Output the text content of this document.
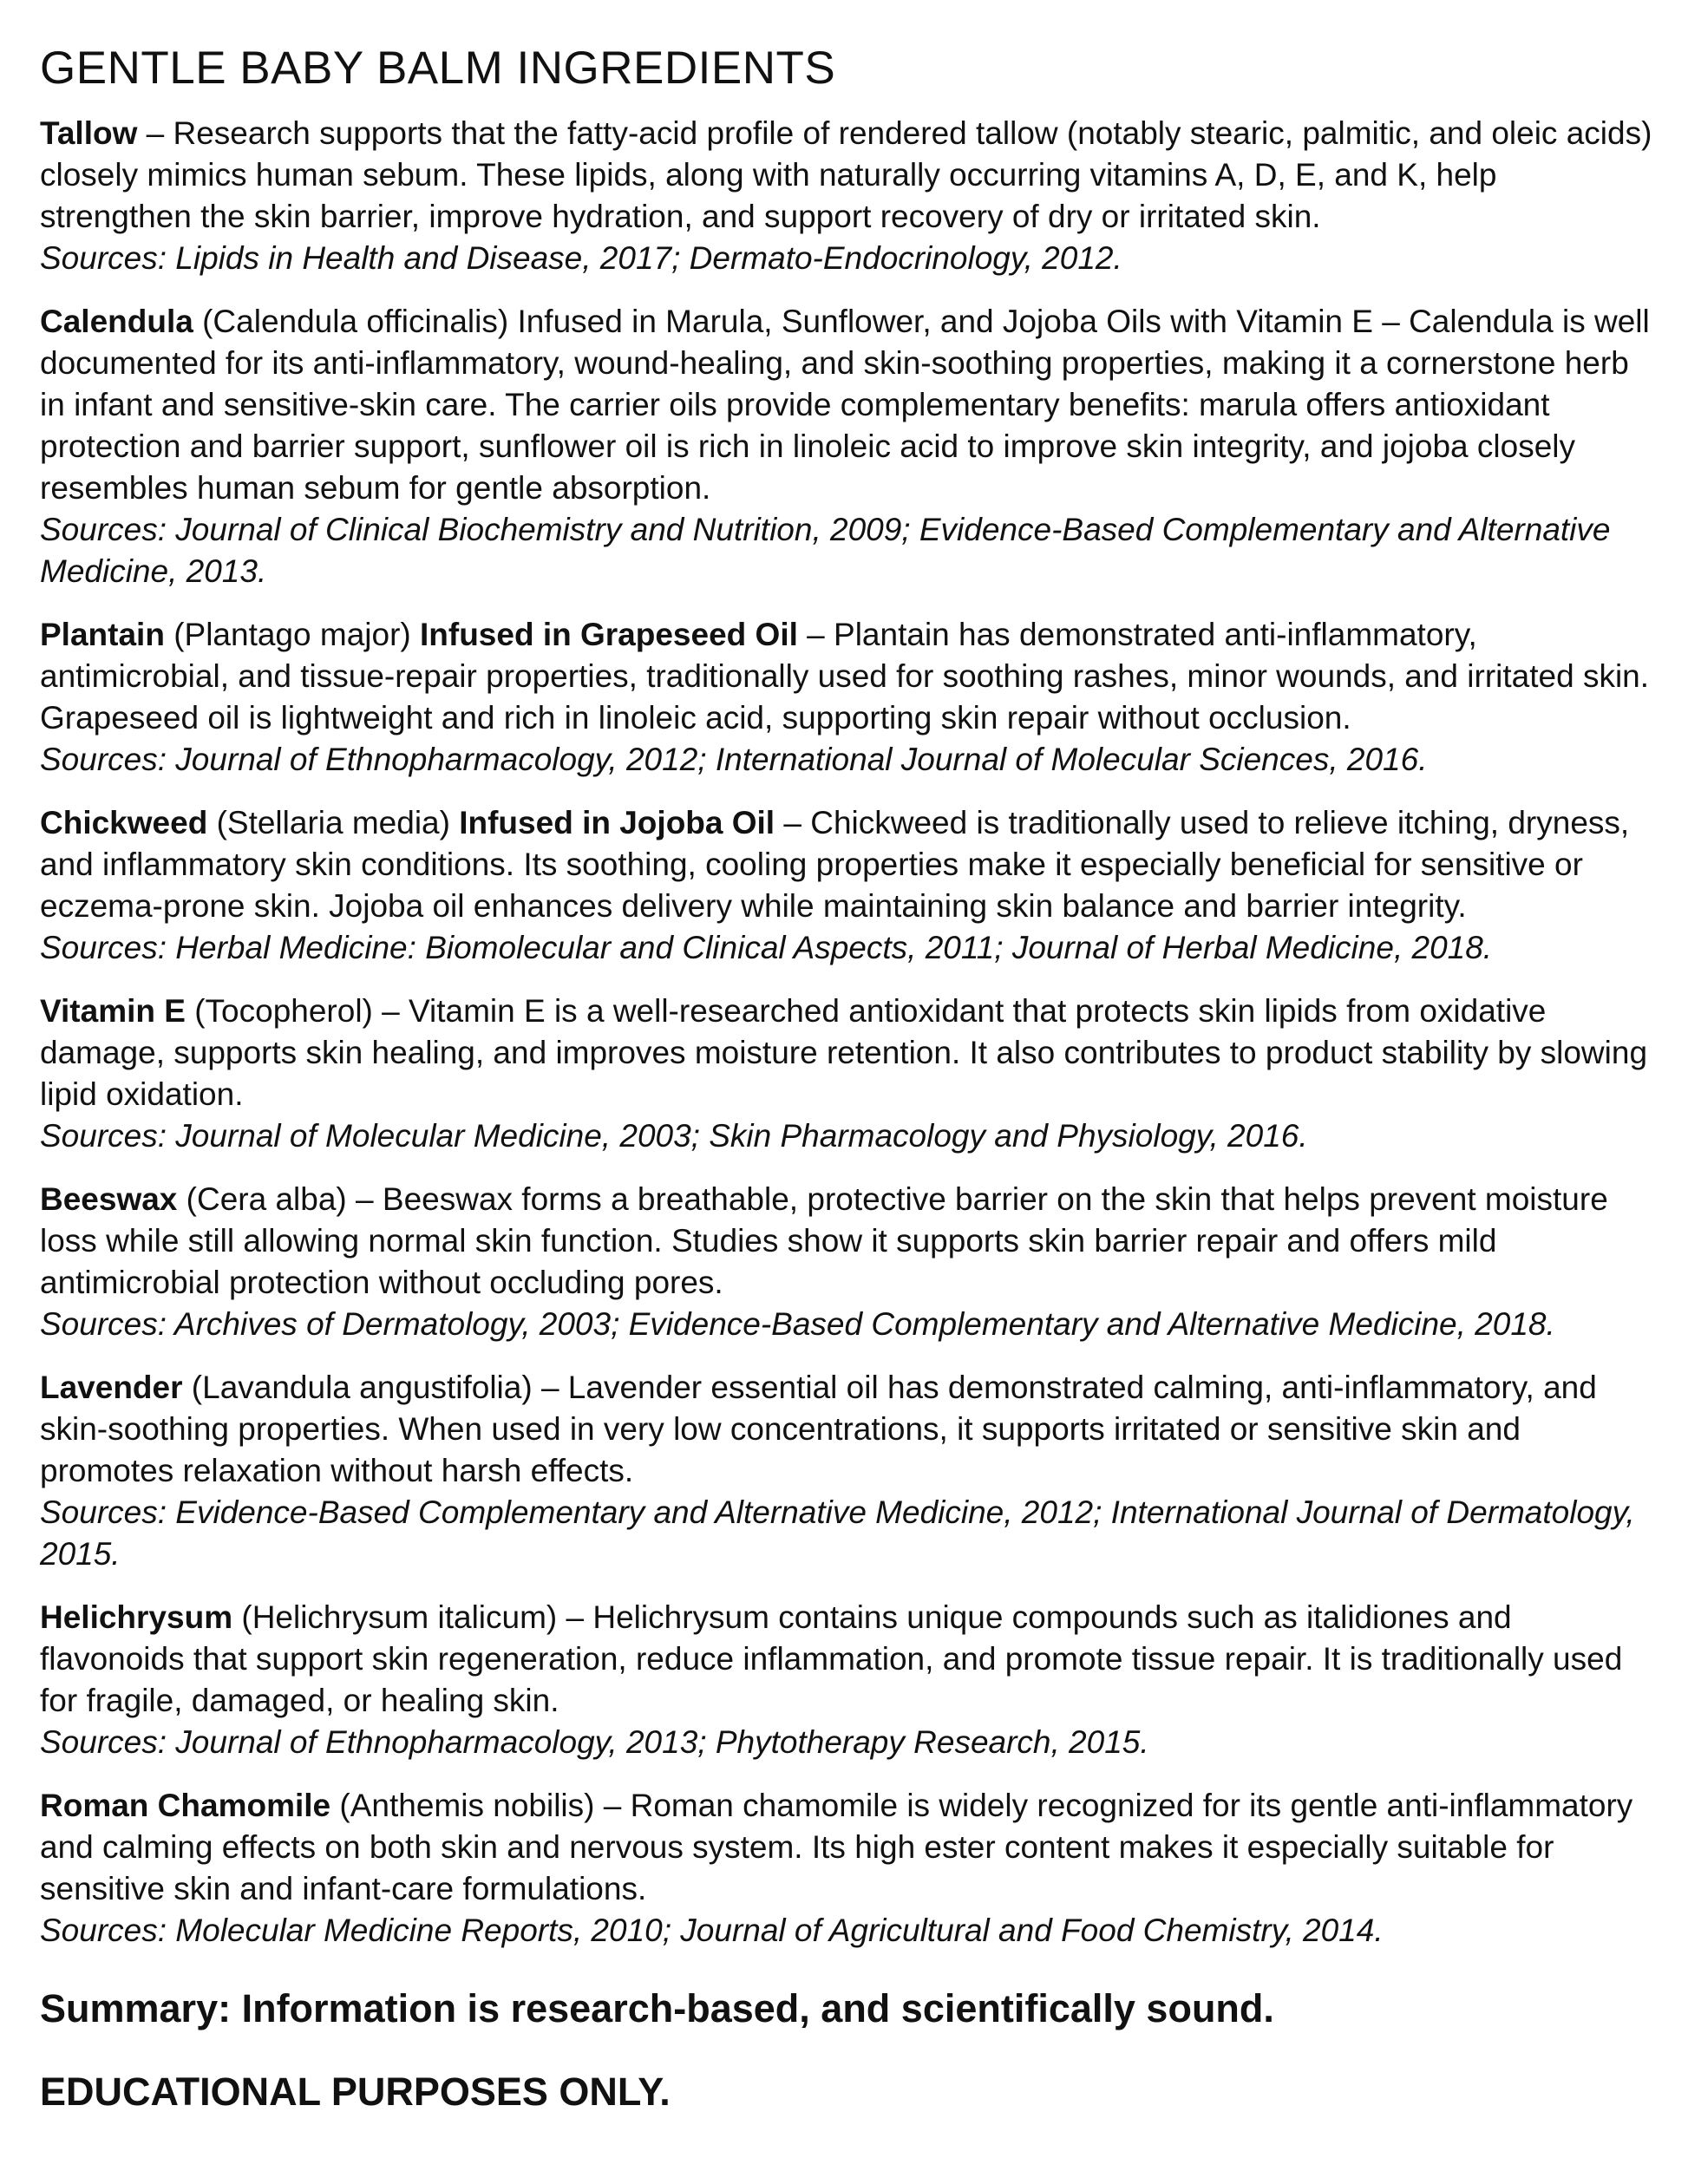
GENTLE BABY BALM INGREDIENTS
Tallow – Research supports that the fatty-acid profile of rendered tallow (notably stearic, palmitic, and oleic acids) closely mimics human sebum. These lipids, along with naturally occurring vitamins A, D, E, and K, help strengthen the skin barrier, improve hydration, and support recovery of dry or irritated skin.
Sources: Lipids in Health and Disease, 2017; Dermato-Endocrinology, 2012.
Calendula (Calendula officinalis) Infused in Marula, Sunflower, and Jojoba Oils with Vitamin E – Calendula is well documented for its anti-inflammatory, wound-healing, and skin-soothing properties, making it a cornerstone herb in infant and sensitive-skin care. The carrier oils provide complementary benefits: marula offers antioxidant protection and barrier support, sunflower oil is rich in linoleic acid to improve skin integrity, and jojoba closely resembles human sebum for gentle absorption.
Sources: Journal of Clinical Biochemistry and Nutrition, 2009; Evidence-Based Complementary and Alternative Medicine, 2013.
Plantain (Plantago major) Infused in Grapeseed Oil – Plantain has demonstrated anti-inflammatory, antimicrobial, and tissue-repair properties, traditionally used for soothing rashes, minor wounds, and irritated skin. Grapeseed oil is lightweight and rich in linoleic acid, supporting skin repair without occlusion.
Sources: Journal of Ethnopharmacology, 2012; International Journal of Molecular Sciences, 2016.
Chickweed (Stellaria media) Infused in Jojoba Oil – Chickweed is traditionally used to relieve itching, dryness, and inflammatory skin conditions. Its soothing, cooling properties make it especially beneficial for sensitive or eczema-prone skin. Jojoba oil enhances delivery while maintaining skin balance and barrier integrity.
Sources: Herbal Medicine: Biomolecular and Clinical Aspects, 2011; Journal of Herbal Medicine, 2018.
Vitamin E (Tocopherol) – Vitamin E is a well-researched antioxidant that protects skin lipids from oxidative damage, supports skin healing, and improves moisture retention. It also contributes to product stability by slowing lipid oxidation.
Sources: Journal of Molecular Medicine, 2003; Skin Pharmacology and Physiology, 2016.
Beeswax (Cera alba) – Beeswax forms a breathable, protective barrier on the skin that helps prevent moisture loss while still allowing normal skin function. Studies show it supports skin barrier repair and offers mild antimicrobial protection without occluding pores.
Sources: Archives of Dermatology, 2003; Evidence-Based Complementary and Alternative Medicine, 2018.
Lavender (Lavandula angustifolia) – Lavender essential oil has demonstrated calming, anti-inflammatory, and skin-soothing properties. When used in very low concentrations, it supports irritated or sensitive skin and promotes relaxation without harsh effects.
Sources: Evidence-Based Complementary and Alternative Medicine, 2012; International Journal of Dermatology, 2015.
Helichrysum (Helichrysum italicum) – Helichrysum contains unique compounds such as italidiones and flavonoids that support skin regeneration, reduce inflammation, and promote tissue repair. It is traditionally used for fragile, damaged, or healing skin.
Sources: Journal of Ethnopharmacology, 2013; Phytotherapy Research, 2015.
Roman Chamomile (Anthemis nobilis) – Roman chamomile is widely recognized for its gentle anti-inflammatory and calming effects on both skin and nervous system. Its high ester content makes it especially suitable for sensitive skin and infant-care formulations.
Sources: Molecular Medicine Reports, 2010; Journal of Agricultural and Food Chemistry, 2014.
Summary: Information is research-based, and scientifically sound.
EDUCATIONAL PURPOSES ONLY.
